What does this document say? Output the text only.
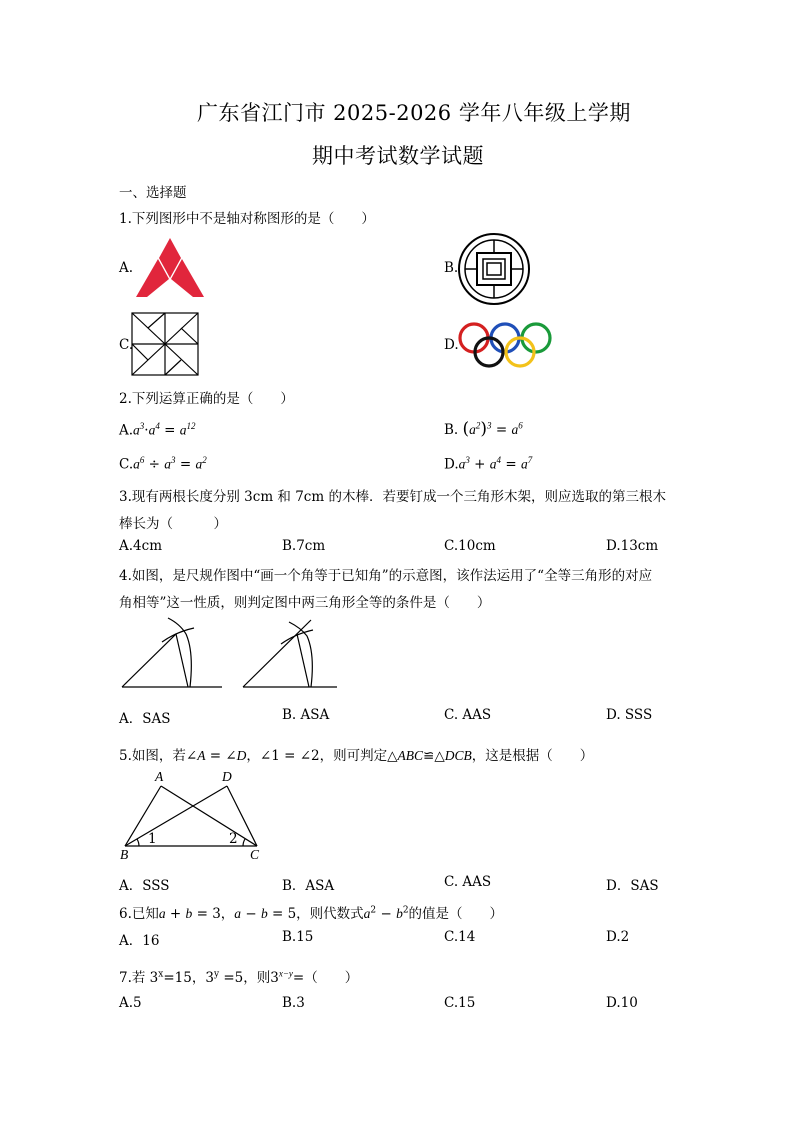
广东省江门市 2025-2026 学年八年级上学期
期中考试数学试题
一、选择题
1.下列图形中不是轴对称图形的是（　　）
A.	B.
C.	D.
2.下列运算正确的是（　　）
$A.a^3\cdot a^4 = a^{12}$	B. $(a^2)^3 = a^6$
$C.a^6 \div a^3 = a^2$	$D.a^3 + a^4 = a^7$
3.现有两根长度分别 3cm 和 7cm 的木棒．若要钉成一个三角形木架，则应选取的第三根木
棒长为（　　　）
A.4cm	B.7cm	C.10cm	D.13cm
4.如图，是尺规作图中“画一个角等于已知角”的示意图，该作法运用了“全等三角形的对应
角相等”这一性质，则判定图中两三角形全等的条件是（　　）
A．SAS	B. ASA	C. AAS	D. SSS
5.如图，若∠A = ∠D，∠1 = ∠2，则可判定△ABC≌△DCB，这是根据（　　）
A	D
B	C
1	2
A．SSS	B．ASA	C. AAS	D．SAS
6.已知a + b = 3，a − b = 5，则代数式$a^2 - b^2$的值是（　　）
A．16	B.15	C.14	D.2
7.若 $3^x=15$，$3^y =5$，则$3^{x-y}=$（　　）
A.5	B.3	C.15	D.10
